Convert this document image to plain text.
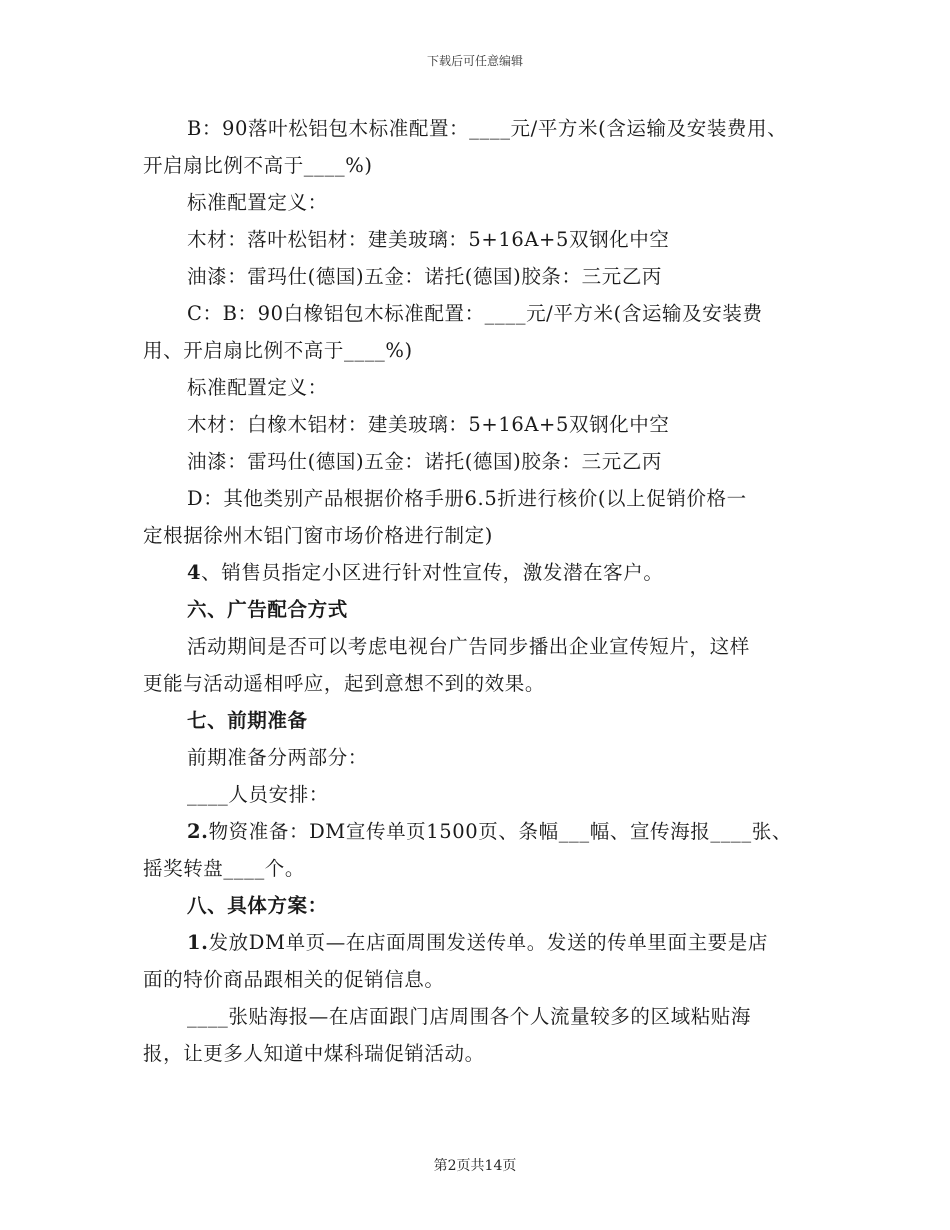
下载后可任意编辑
B：90落叶松铝包木标准配置：____元/平方米(含运输及安装费用、
开启扇比例不高于____%)
标准配置定义：
木材：落叶松铝材：建美玻璃：5+16A+5双钢化中空
油漆：雷玛仕(德国)五金：诺托(德国)胶条：三元乙丙
C：B：90白橡铝包木标准配置：____元/平方米(含运输及安装费
用、开启扇比例不高于____%)
标准配置定义：
木材：白橡木铝材：建美玻璃：5+16A+5双钢化中空
油漆：雷玛仕(德国)五金：诺托(德国)胶条：三元乙丙
D：其他类别产品根据价格手册6.5折进行核价(以上促销价格一
定根据徐州木铝门窗市场价格进行制定)
4、销售员指定小区进行针对性宣传，激发潜在客户。
六、广告配合方式
活动期间是否可以考虑电视台广告同步播出企业宣传短片，这样
更能与活动遥相呼应，起到意想不到的效果。
七、前期准备
前期准备分两部分：
____人员安排：
2.物资准备：DM宣传单页1500页、条幅___幅、宣传海报____张、
摇奖转盘____个。
八、具体方案：
1.发放DM单页—在店面周围发送传单。发送的传单里面主要是店
面的特价商品跟相关的促销信息。
____张贴海报—在店面跟门店周围各个人流量较多的区域粘贴海
报，让更多人知道中煤科瑞促销活动。
第2页共14页
